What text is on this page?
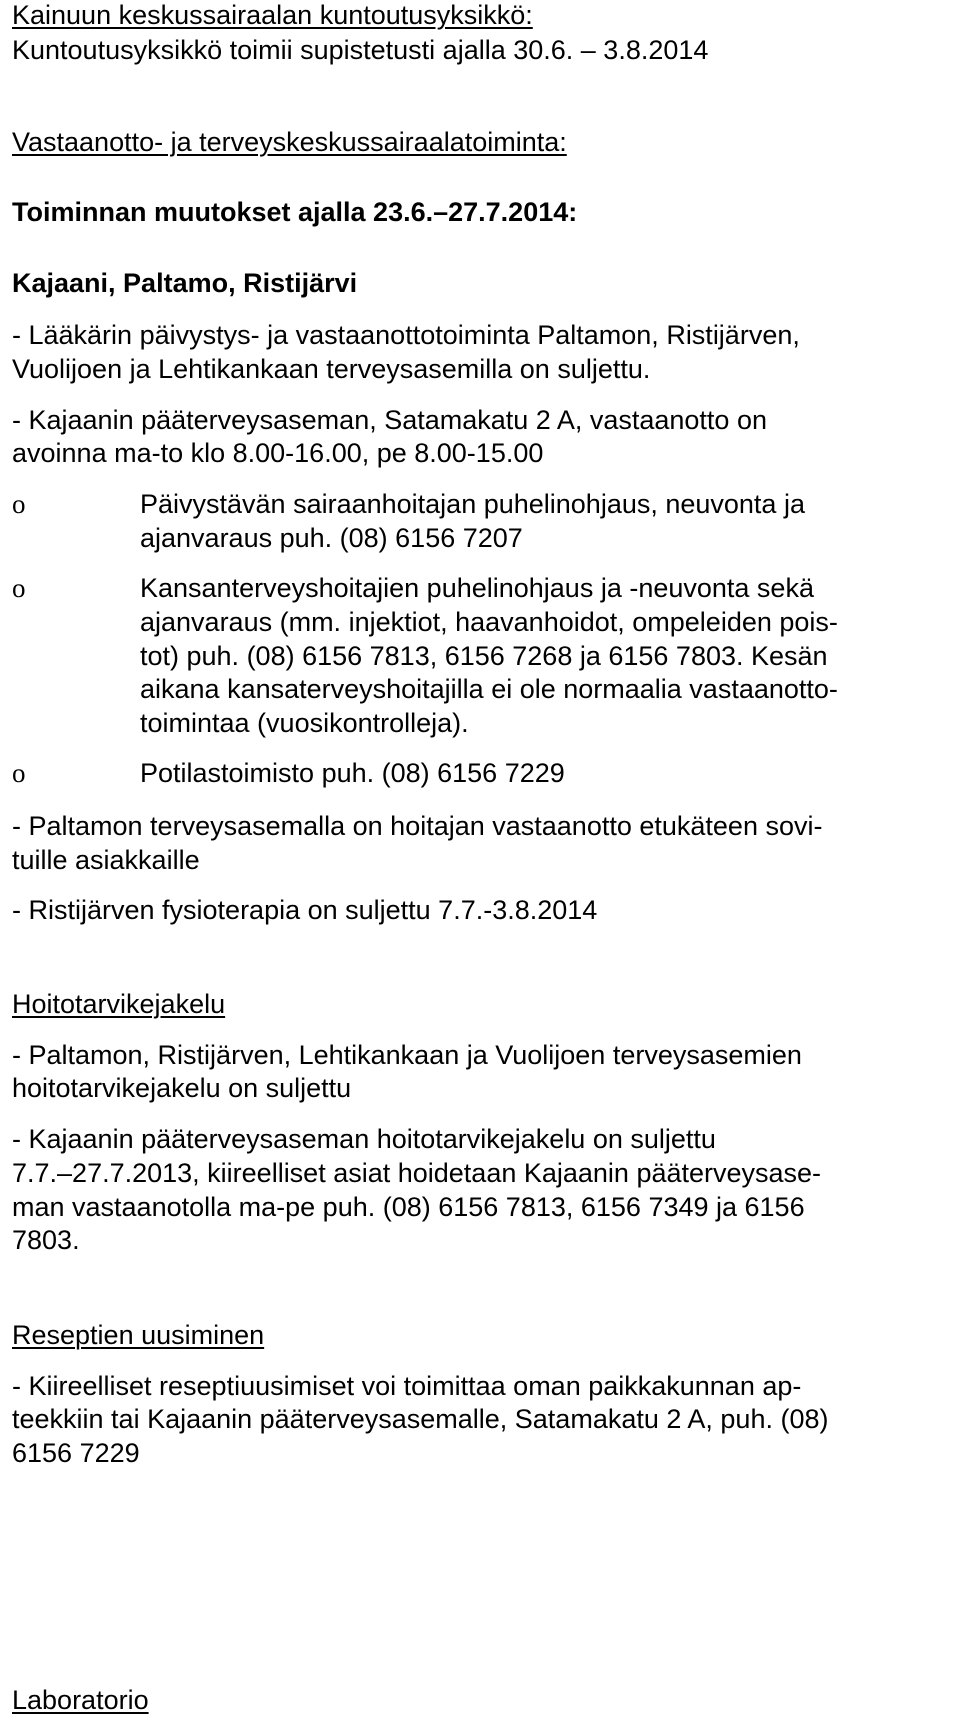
Kainuun keskussairaalan kuntoutusyksikkö:
Kuntoutusyksikkö toimii supistetusti ajalla 30.6. – 3.8.2014
Vastaanotto- ja terveyskeskussairaalatoiminta:
Toiminnan muutokset ajalla 23.6.–27.7.2014:
Kajaani, Paltamo, Ristijärvi
- Lääkärin päivystys- ja vastaanottotoiminta Paltamon, Ristijärven,
Vuolijoen ja Lehtikankaan terveysasemilla on suljettu.
- Kajaanin pääterveysaseman, Satamakatu 2 A, vastaanotto on
avoinna ma-to klo 8.00-16.00, pe 8.00-15.00
o	Päivystävän sairaanhoitajan puhelinohjaus, neuvonta ja
ajanvaraus puh. (08) 6156 7207
o	Kansanterveyshoitajien puhelinohjaus ja -neuvonta sekä
ajanvaraus (mm. injektiot, haavanhoidot, ompeleiden pois-
tot) puh. (08) 6156 7813, 6156 7268 ja 6156 7803. Kesän
aikana kansaterveyshoitajilla ei ole normaalia vastaanotto-
toimintaa (vuosikontrolleja).
o	Potilastoimisto puh. (08) 6156 7229
- Paltamon terveysasemalla on hoitajan vastaanotto etukäteen sovi-
tuille asiakkaille
- Ristijärven fysioterapia on suljettu 7.7.-3.8.2014
Hoitotarvikejakelu
- Paltamon, Ristijärven, Lehtikankaan ja Vuolijoen terveysasemien
hoitotarvikejakelu on suljettu
- Kajaanin pääterveysaseman hoitotarvikejakelu on suljettu
7.7.–27.7.2013, kiireelliset asiat hoidetaan Kajaanin pääterveysase-
man vastaanotolla ma-pe puh. (08) 6156 7813, 6156 7349 ja 6156
7803.
Reseptien uusiminen
- Kiireelliset reseptiuusimiset voi toimittaa oman paikkakunnan ap-
teekkiin tai Kajaanin pääterveysasemalle, Satamakatu 2 A, puh. (08)
6156 7229
Laboratorio
